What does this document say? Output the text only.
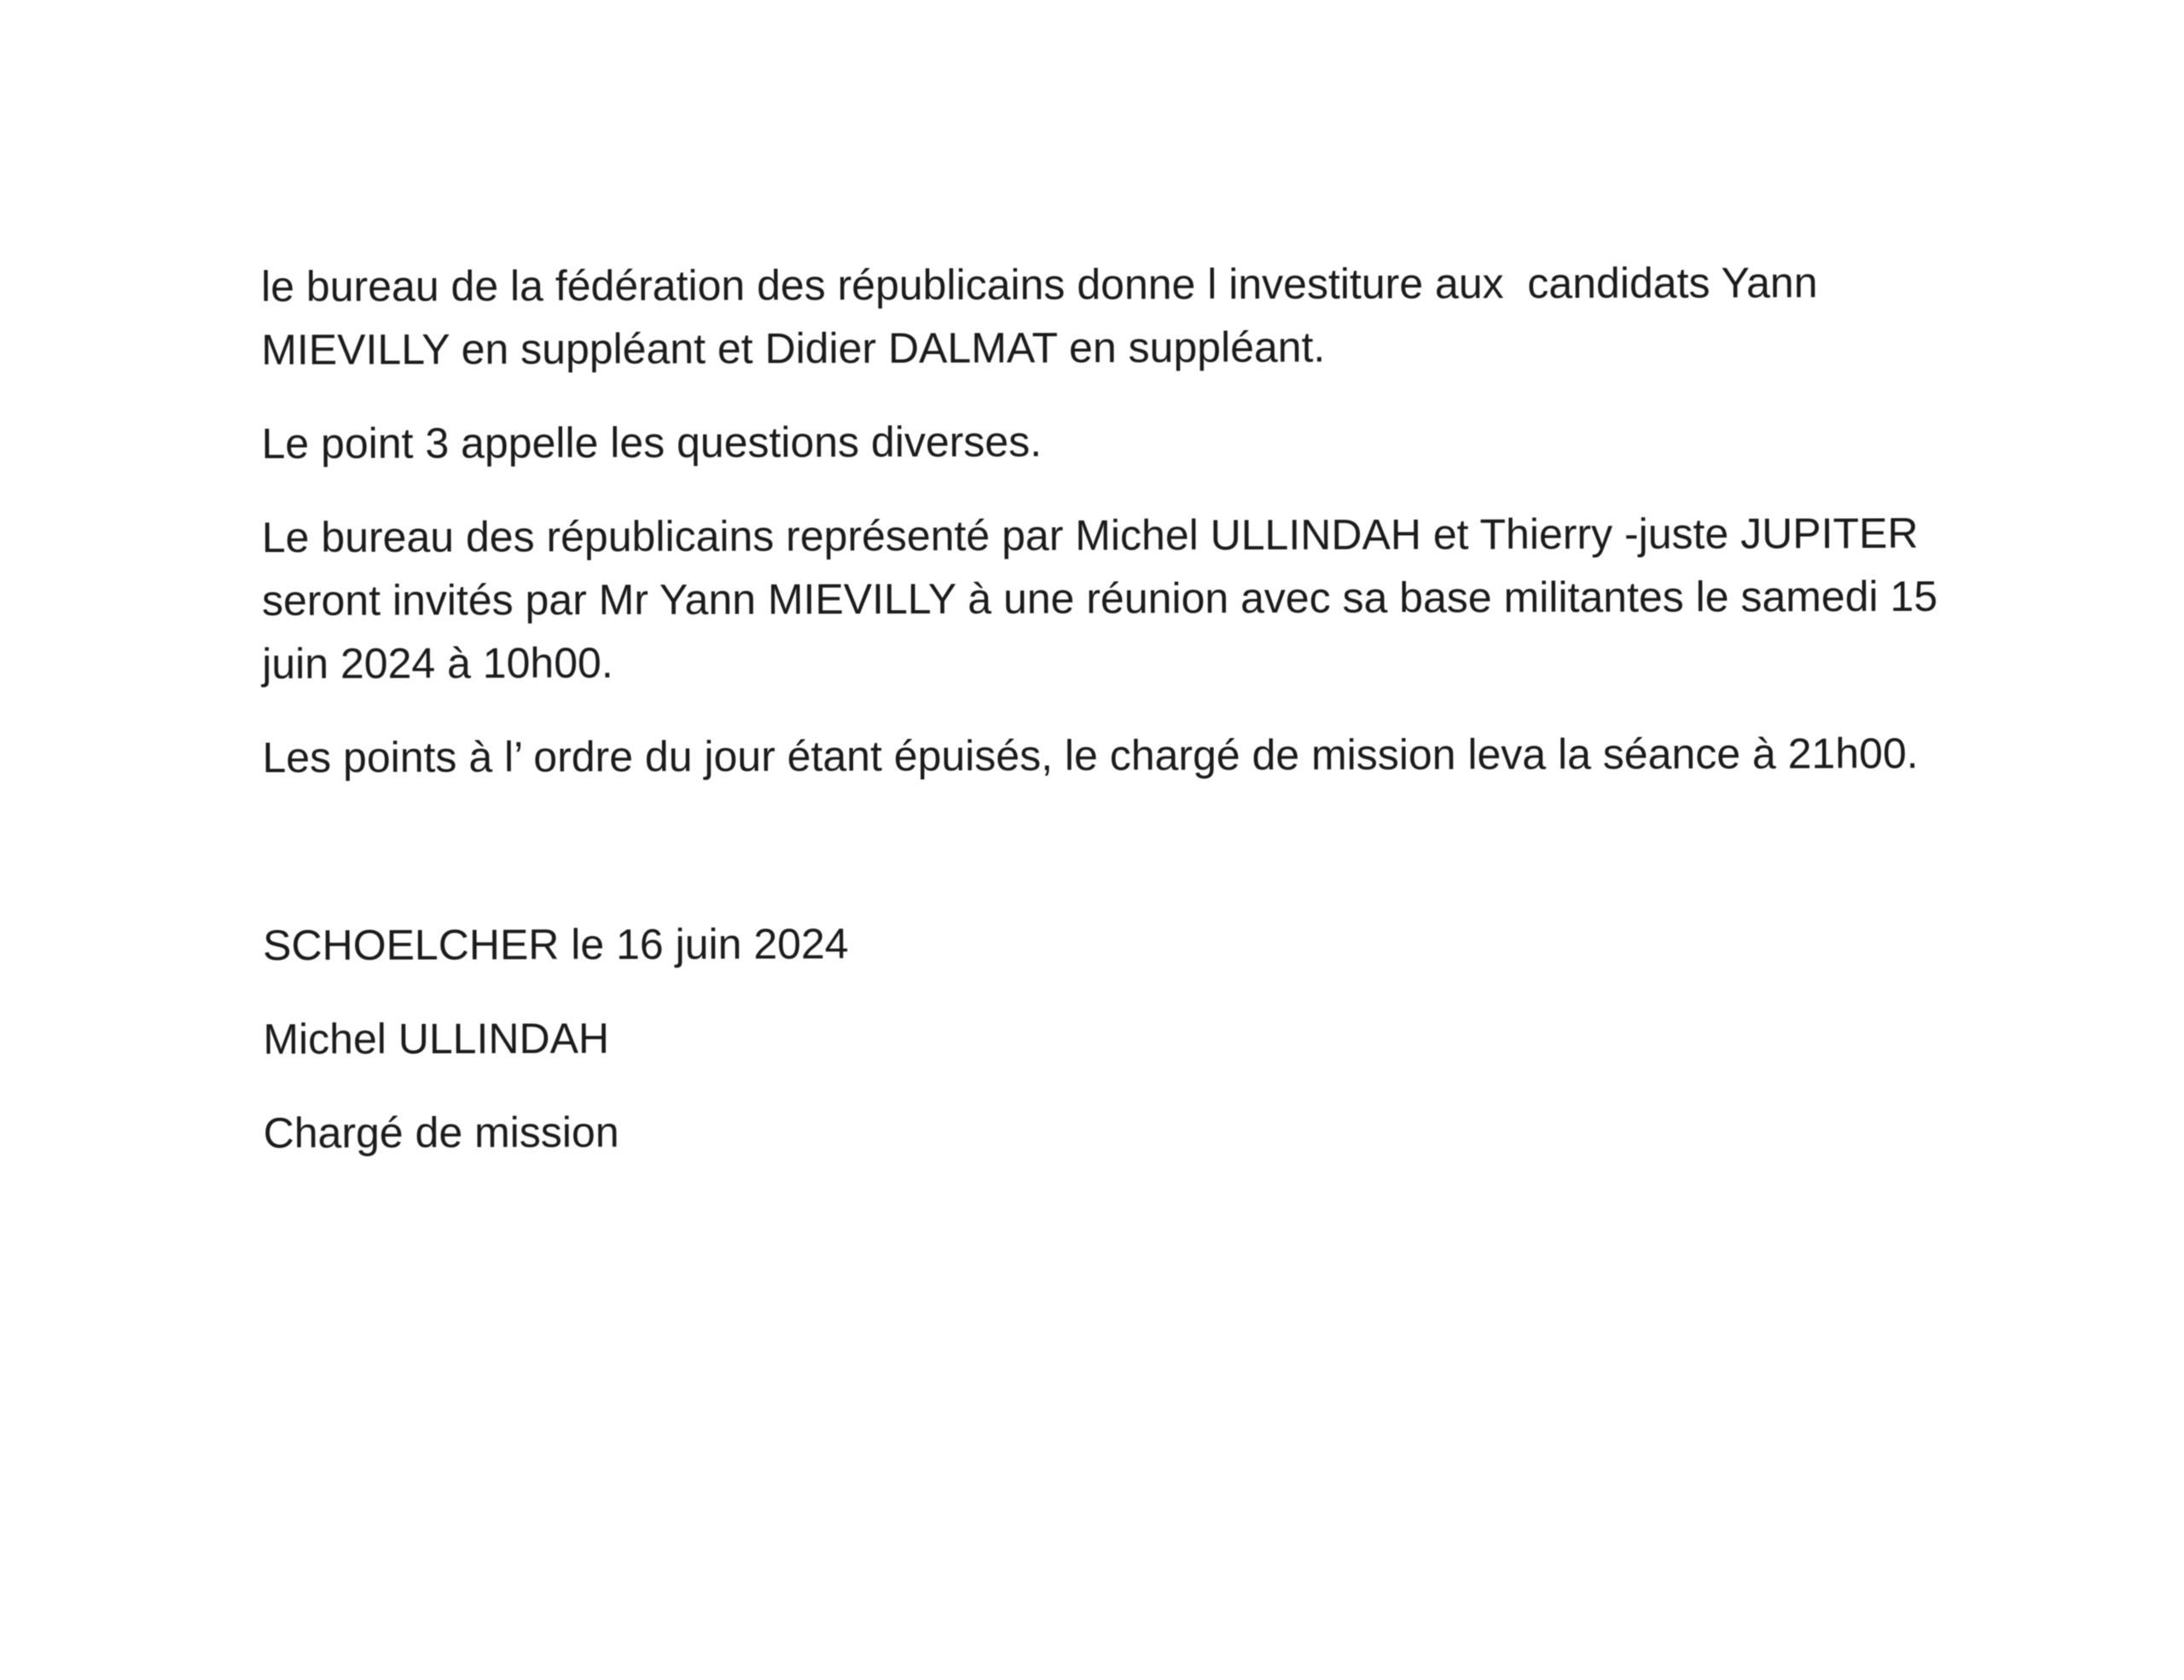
le bureau de la fédération des républicains donne l investiture aux  candidats Yann
MIEVILLY en suppléant et Didier DALMAT en suppléant.
Le point 3 appelle les questions diverses.
Le bureau des républicains représenté par Michel ULLINDAH et Thierry -juste JUPITER
seront invités par Mr Yann MIEVILLY à une réunion avec sa base militantes le samedi 15
juin 2024 à 10h00.
Les points à l’ ordre du jour étant épuisés, le chargé de mission leva la séance à 21h00.
SCHOELCHER le 16 juin 2024
Michel ULLINDAH
Chargé de mission
